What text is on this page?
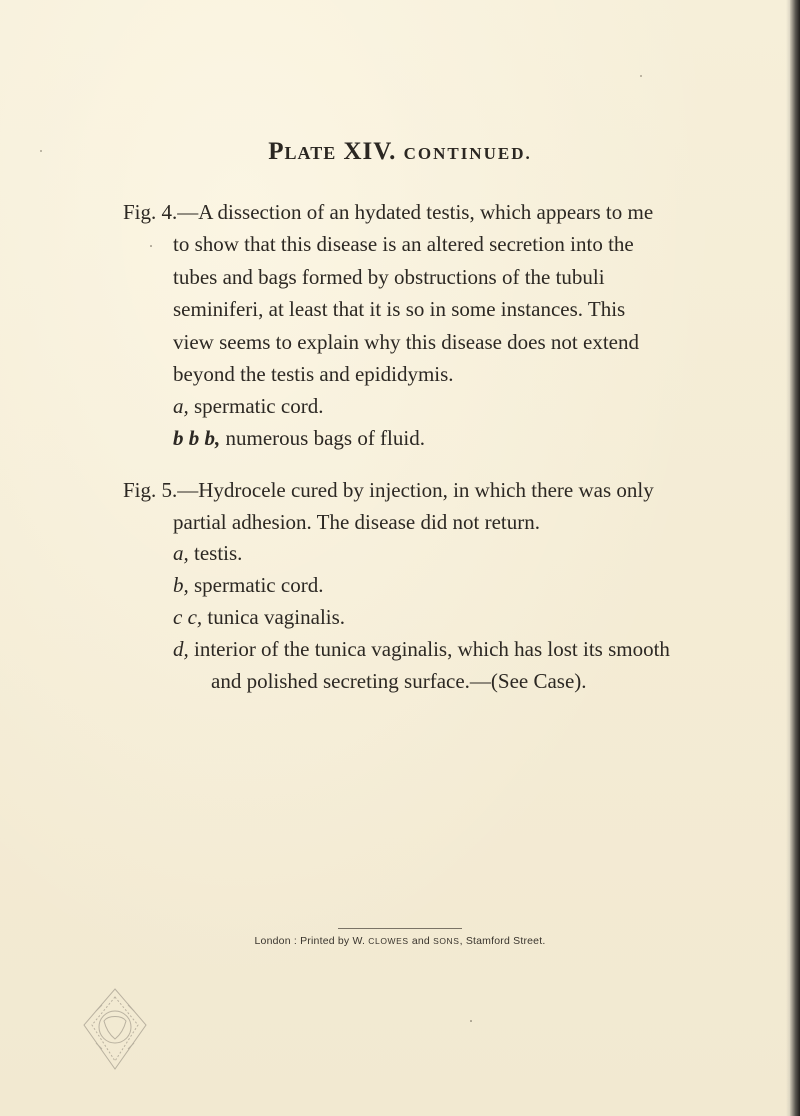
Plate XIV. CONTINUED.
Fig. 4.—A dissection of an hydated testis, which appears to me
to show that this disease is an altered secretion into the
tubes and bags formed by obstructions of the tubuli
seminiferi, at least that it is so in some instances. This
view seems to explain why this disease does not extend
beyond the testis and epididymis.

a, spermatic cord.

b b b, numerous bags of fluid.

Fig. 5.—Hydrocele cured by injection, in which there was only
partial adhesion. The disease did not return.

a, testis.

b, spermatic cord.

c c, tunica vaginalis.

d, interior of the tunica vaginalis, which has lost its smooth
and polished secreting surface.—(See Case).

London : Printed by W. CLOWES and SONS, Stamford Street.
